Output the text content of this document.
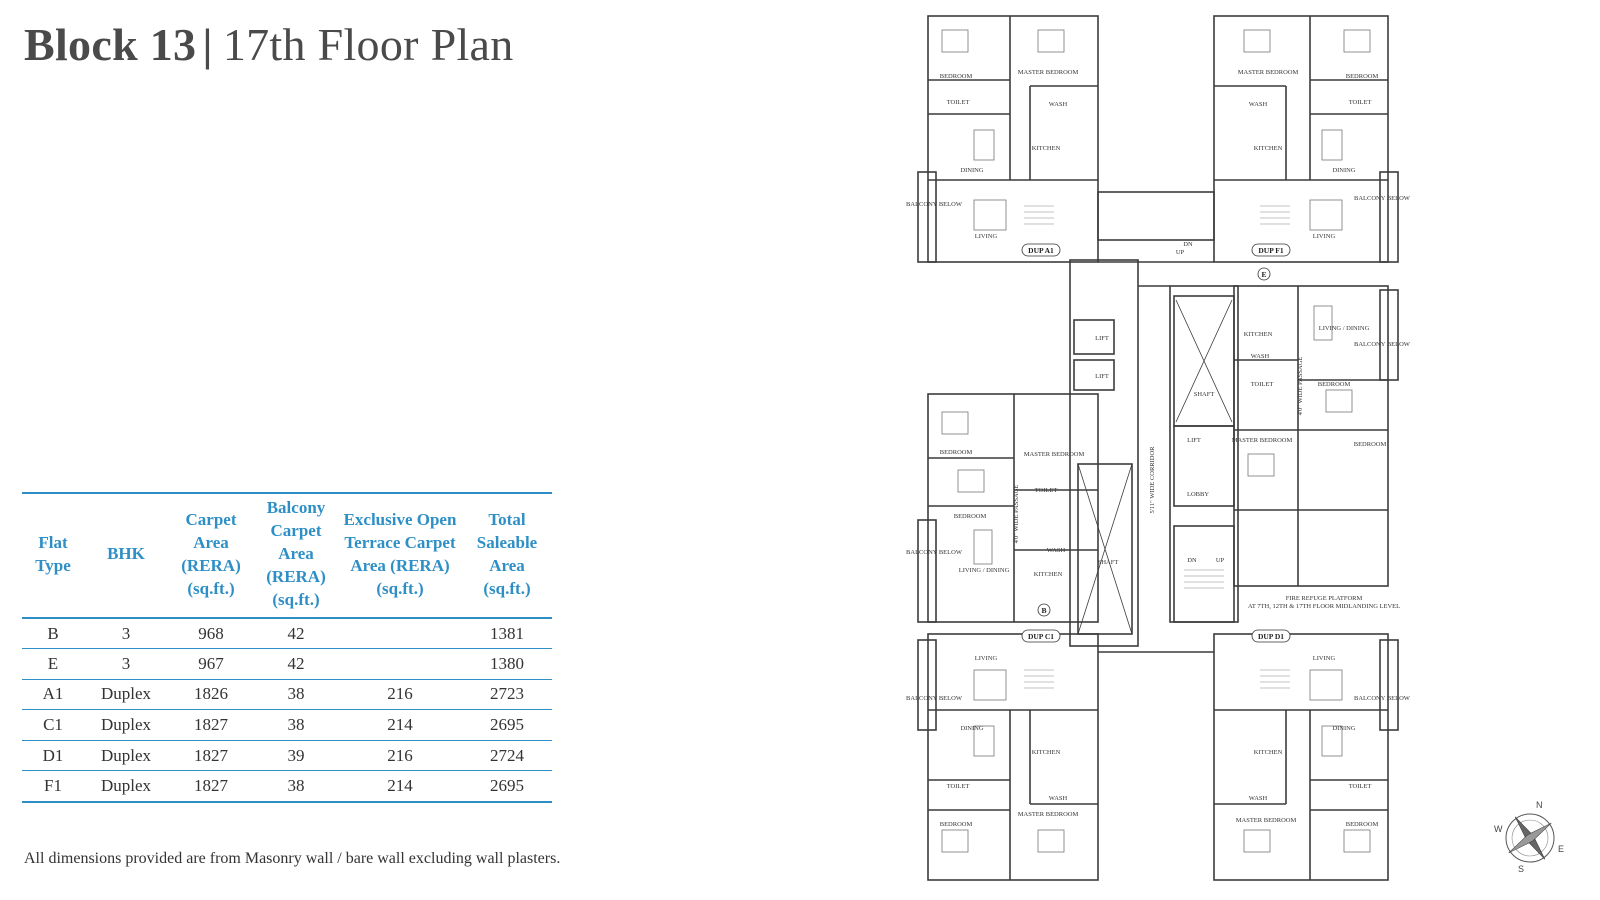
Block 13 | 17th Floor Plan
Flat Type	BHK	Carpet Area (RERA) (sq.ft.)	Balcony Carpet Area (RERA) (sq.ft.)	Exclusive Open Terrace Carpet Area (RERA) (sq.ft.)	Total Saleable Area (sq.ft.)
B	3	968	42		1381
E	3	967	42		1380
A1	Duplex	1826	38	216	2723
C1	Duplex	1827	38	214	2695
D1	Duplex	1827	39	216	2724
F1	Duplex	1827	38	214	2695
All dimensions provided are from Masonry wall / bare wall excluding wall plasters.
DUP A1	DUP F1
DUP C1	DUP D1
B
E
LIFT
LIFT
LIFT
SHAFT
SHAFT
LOBBY
5'11" WIDE CORRIDOR
4'0" WIDE PASSAGE
4'0" WIDE PASSAGE
FIRE REFUGE PLATFORM
AT 7TH, 12TH & 17TH FLOOR MIDLANDING LEVEL
DN
UP
DN	UP
BEDROOM
MASTER BEDROOM
TOILET	WASH
KITCHEN
DINING
LIVING
BALCONY BELOW
BEDROOM
MASTER BEDROOM
TOILET
WASH
KITCHEN
DINING
LIVING
BALCONY BELOW
BEDROOM	MASTER BEDROOM
BEDROOM
TOILET
WASH
KITCHEN
LIVING / DINING
BALCONY BELOW
KITCHEN
WASH
LIVING / DINING
BEDROOM
BEDROOM
MASTER BEDROOM
TOILET
BALCONY BELOW
LIVING
BALCONY BELOW
DINING
KITCHEN
WASH
TOILET
MASTER BEDROOM
BEDROOM
LIVING
BALCONY BELOW
DINING
KITCHEN
WASH
TOILET
MASTER BEDROOM
BEDROOM
N
S
E
W
